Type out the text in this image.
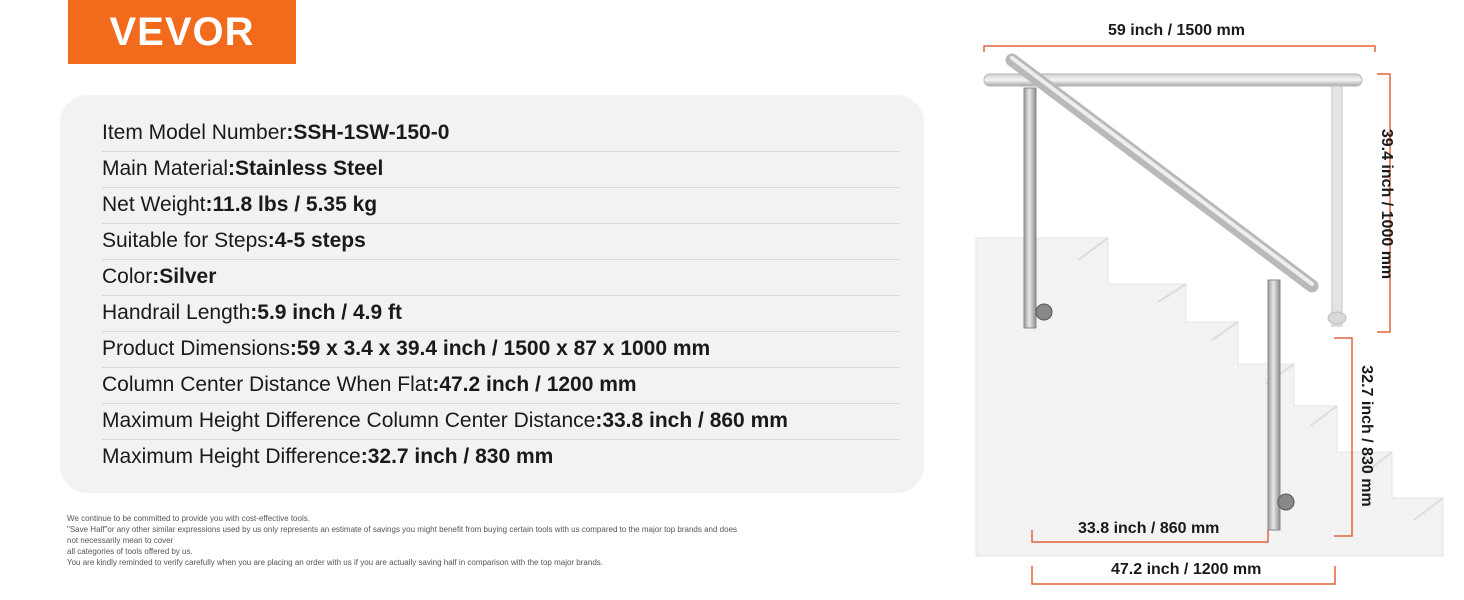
VEVOR
Item Model Number : SSH-1SW-150-0
Main Material : Stainless Steel
Net Weight : 11.8 lbs / 5.35 kg
Suitable for Steps : 4-5 steps
Color : Silver
Handrail Length : 5.9 inch / 4.9 ft
Product Dimensions : 59 x 3.4 x 39.4 inch / 1500 x 87 x 1000 mm
Column Center Distance When Flat : 47.2 inch / 1200 mm
Maximum Height Difference Column Center Distance : 33.8 inch / 860 mm
Maximum Height Difference : 32.7 inch / 830 mm
We continue to be committed to provide you with cost-effective tools.
"Save Half"or any other similar expressions used by us only represents an estimate of savings you might benefit from buying certain tools with us compared to the major top brands and does
not necessarily mean to cover
all categories of tools offered by us.
You are kindly reminded to verify carefully when you are placing an order with us if you are actually saving half in comparison with the top major brands.
59 inch / 1500 mm
39.4 inch / 1000 mm
32.7 inch / 830 mm
33.8 inch / 860 mm
47.2 inch / 1200 mm
